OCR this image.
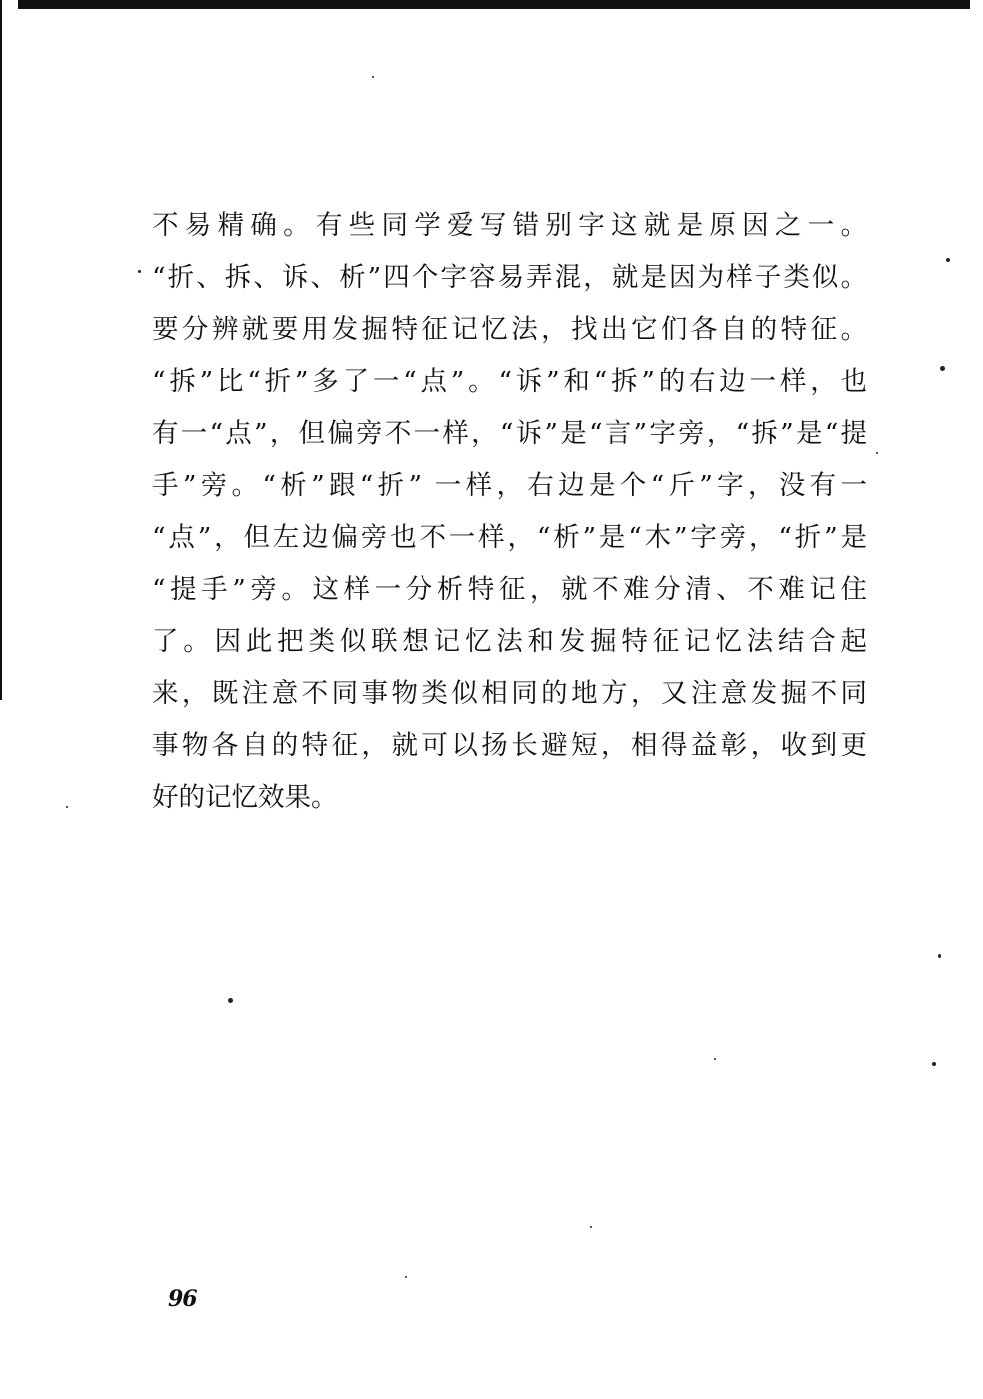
不易精确。有些同学爱写错别字这就是原因之一。
“折、拆、诉、析”四个字容易弄混，就是因为样子类似。
要分辨就要用发掘特征记忆法，找出它们各自的特征。
“拆”比“折”多了一“点”。“诉”和“拆”的右边一样，也
有一“点”，但偏旁不一样，“诉”是“言”字旁，“拆”是“提
手”旁。“析”跟“折” 一样，右边是个“斤”字，没有一
“点”，但左边偏旁也不一样，“析”是“木”字旁，“折”是
“提手”旁。这样一分析特征，就不难分清、不难记住
了。因此把类似联想记忆法和发掘特征记忆法结合起
来，既注意不同事物类似相同的地方，又注意发掘不同
事物各自的特征，就可以扬长避短，相得益彰，收到更
好的记忆效果。
96
